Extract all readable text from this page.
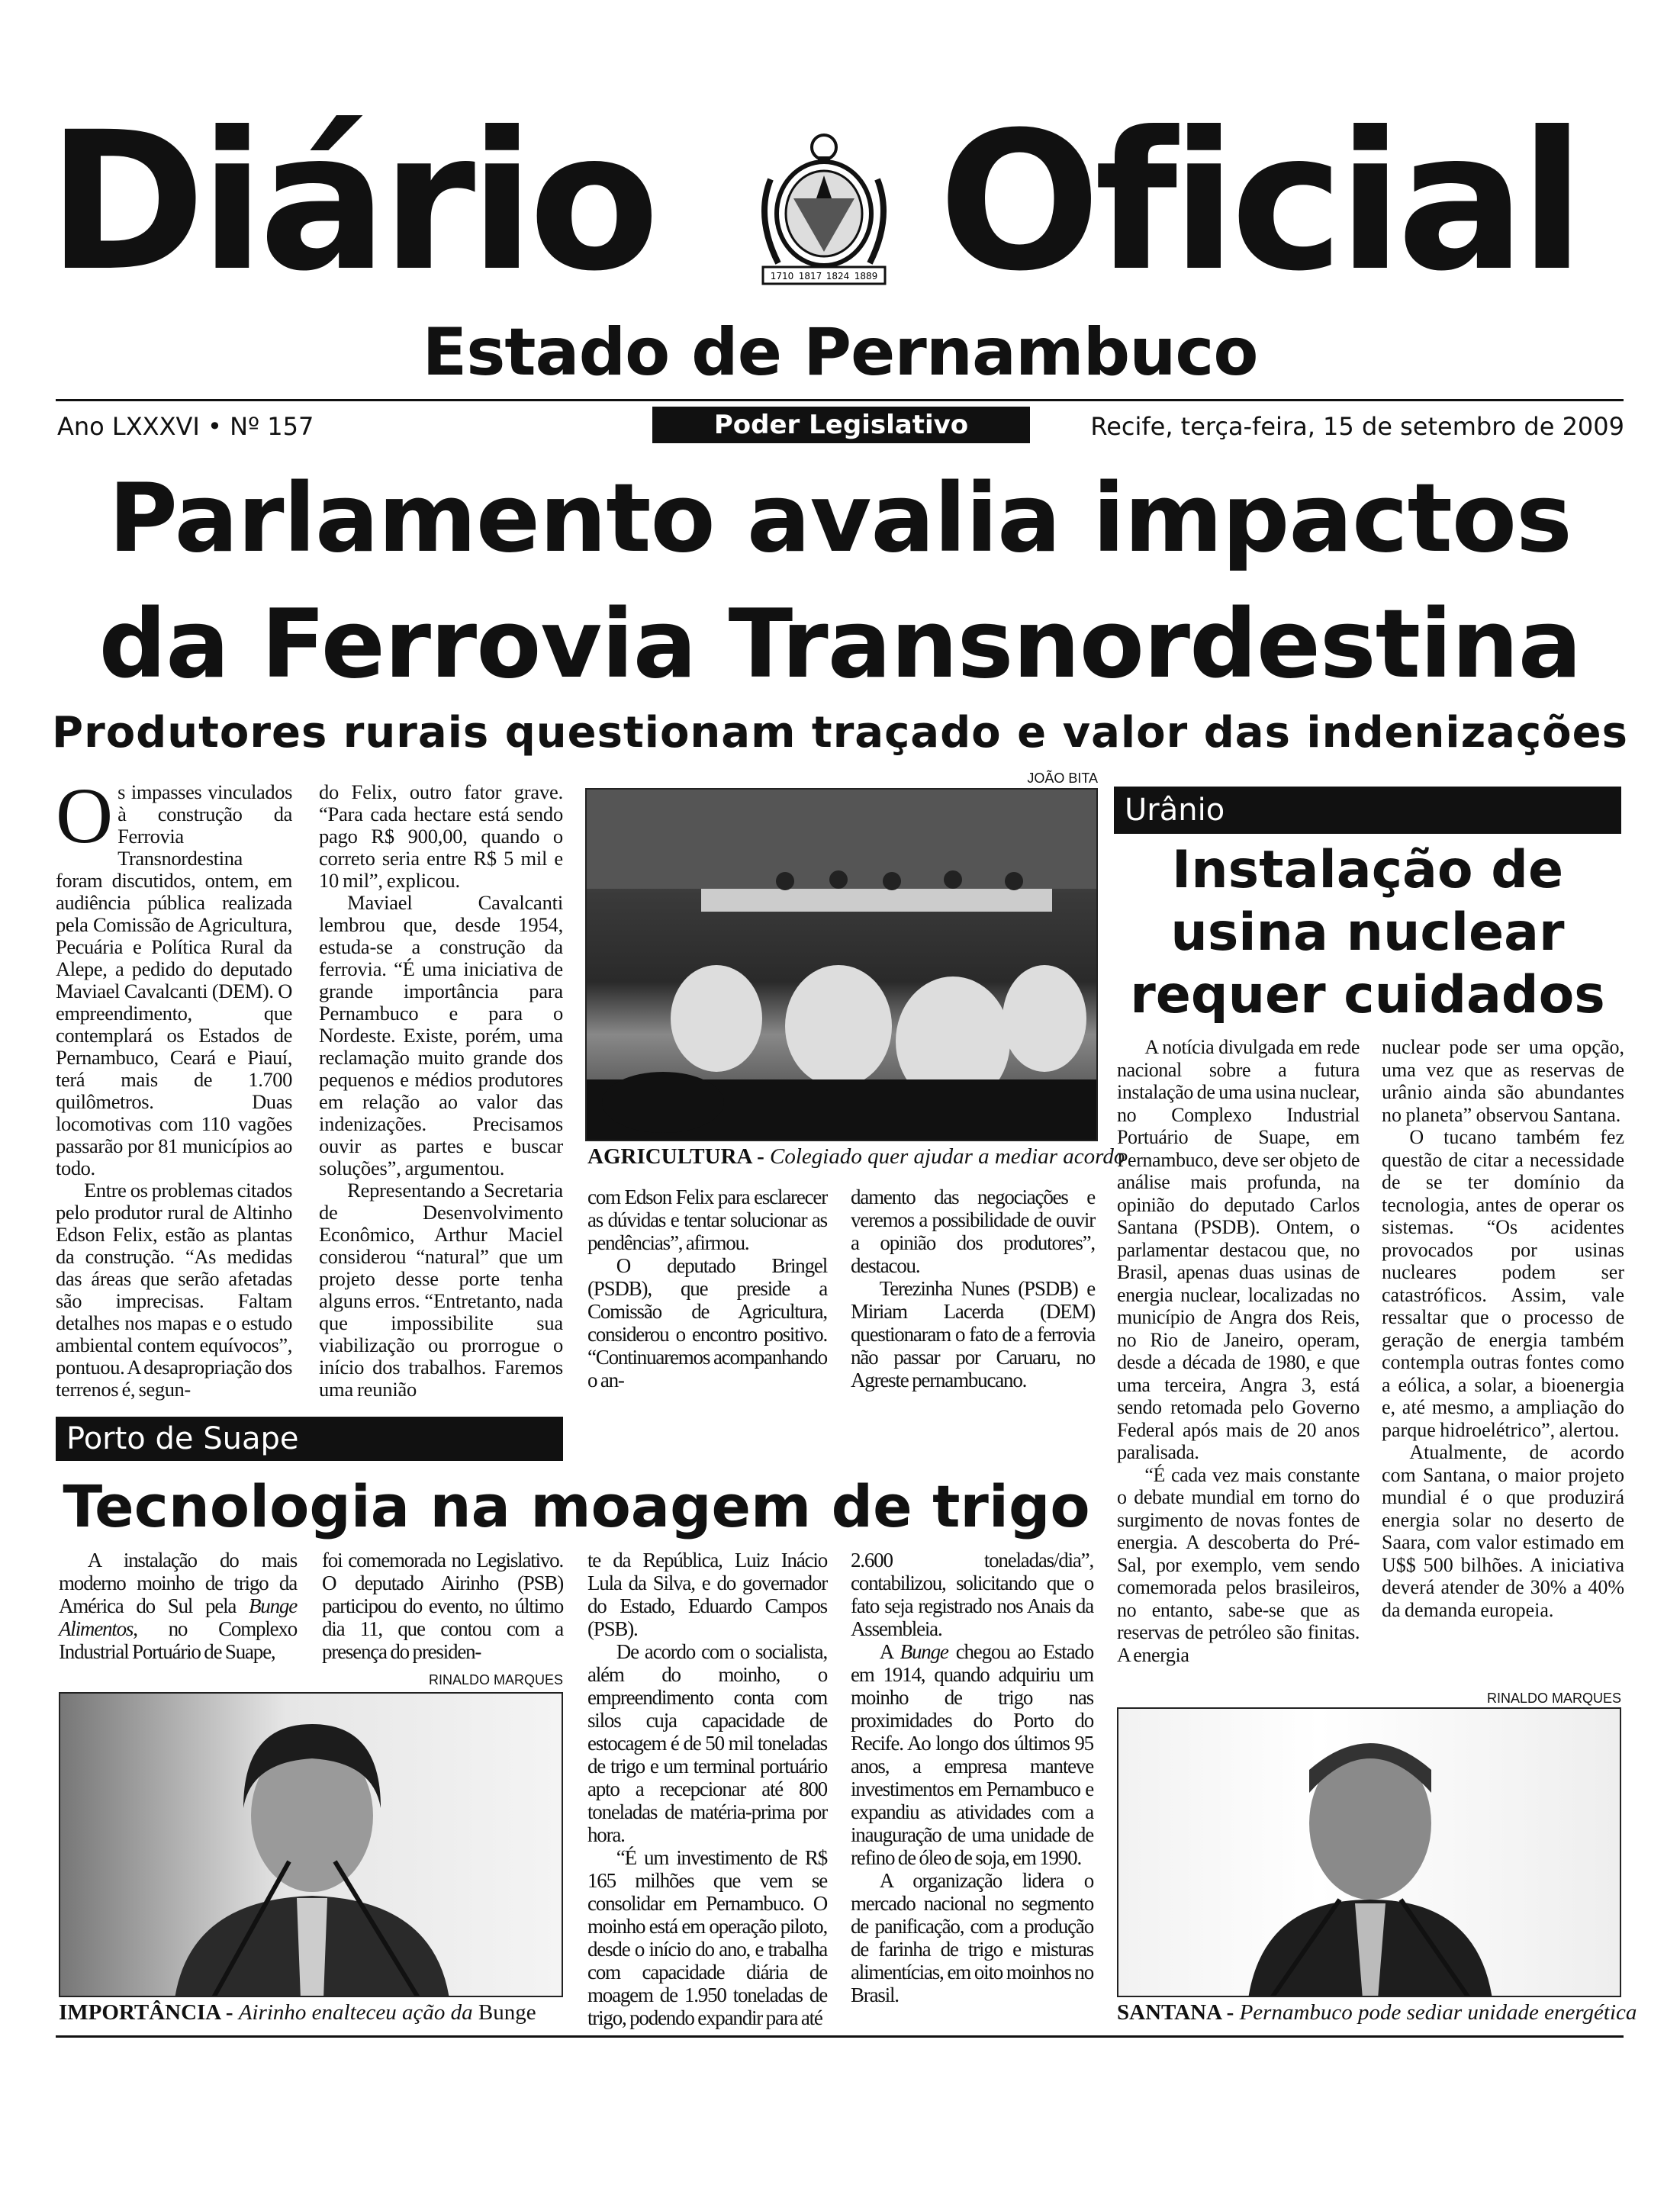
Diário Oficial
1710 1817 1824 1889
Estado de Pernambuco
Ano LXXXVI • Nº 157	Poder Legislativo	Recife, terça-feira, 15 de setembro de 2009
Parlamento avalia impactos
da Ferrovia Transnordestina
Produtores rurais questionam traçado e valor das indenizações
O s impasses vinculados à construção da Ferrovia Transnordestina foram discutidos, ontem, em audiência pública realizada pela Comissão de Agricultura, Pecuária e Política Rural da Alepe, a pedido do deputado Maviael Cavalcanti (DEM). O empreendimento, que contemplará os Estados de Pernambuco, Ceará e Piauí, terá mais de 1.700 quilômetros. Duas locomotivas com 110 vagões passarão por 81 municípios ao todo.

Entre os problemas citados pelo produtor rural de Altinho Edson Felix, estão as plantas da construção. “As medidas das áreas que serão afetadas são imprecisas. Faltam detalhes nos mapas e o estudo ambiental contem equívocos”, pontuou. A desapropriação dos terrenos é, segun-

do Felix, outro fator grave. “Para cada hectare está sendo pago R$ 900,00, quando o correto seria entre R$ 5 mil e 10 mil”, explicou.

Maviael Cavalcanti lembrou que, desde 1954, estuda-se a construção da ferrovia. “É uma iniciativa de grande importância para Pernambuco e para o Nordeste. Existe, porém, uma reclamação muito grande dos pequenos e médios produtores em relação ao valor das indenizações. Precisamos ouvir as partes e buscar soluções”, argumentou.

Representando a Secretaria de Desenvolvimento Econômico, Arthur Maciel considerou “natural” que um projeto desse porte tenha alguns erros. “Entretanto, nada que impossibilite sua viabilização ou prorrogue o início dos trabalhos. Faremos uma reunião

JOÃO BITA
AGRICULTURA - Colegiado quer ajudar a mediar acordo

com Edson Felix para esclarecer as dúvidas e tentar solucionar as pendências”, afirmou.

O deputado Bringel (PSDB), que preside a Comissão de Agricultura, considerou o encontro positivo. “Continuaremos acompanhando o an-

damento das negociações e veremos a possibilidade de ouvir a opinião dos produtores”, destacou.

Terezinha Nunes (PSDB) e Miriam Lacerda (DEM) questionaram o fato de a ferrovia não passar por Caruaru, no Agreste pernambucano.

Urânio
Instalação de
usina nuclear
requer cuidados

A notícia divulgada em rede nacional sobre a futura instalação de uma usina nuclear, no Complexo Industrial Portuário de Suape, em Pernambuco, deve ser objeto de análise mais profunda, na opinião do deputado Carlos Santana (PSDB). Ontem, o parlamentar destacou que, no Brasil, apenas duas usinas de energia nuclear, localizadas no município de Angra dos Reis, no Rio de Janeiro, operam, desde a década de 1980, e que uma terceira, Angra 3, está sendo retomada pelo Governo Federal após mais de 20 anos paralisada.

“É cada vez mais constante o debate mundial em torno do surgimento de novas fontes de energia. A descoberta do Pré-Sal, por exemplo, vem sendo comemorada pelos brasileiros, no entanto, sabe-se que as reservas de petróleo são finitas. A energia

nuclear pode ser uma opção, uma vez que as reservas de urânio ainda são abundantes no planeta” observou Santana.

O tucano também fez questão de citar a necessidade de se ter domínio da tecnologia, antes de operar os sistemas. “Os acidentes provocados por usinas nucleares podem ser catastróficos. Assim, vale ressaltar que o processo de geração de energia também contempla outras fontes como a eólica, a solar, a bioenergia e, até mesmo, a ampliação do parque hidroelétrico”, alertou.

Atualmente, de acordo com Santana, o maior projeto mundial é o que produzirá energia solar no deserto de Saara, com valor estimado em U$$ 500 bilhões. A iniciativa deverá atender de 30% a 40% da demanda europeia.

RINALDO MARQUES
SANTANA - Pernambuco pode sediar unidade energética
Porto de Suape
Tecnologia na moagem de trigo

A instalação do mais moderno moinho de trigo da América do Sul pela Bunge Alimentos, no Complexo Industrial Portuário de Suape,

foi comemorada no Legislativo. O deputado Airinho (PSB) participou do evento, no último dia 11, que contou com a presença do presiden-

te da República, Luiz Inácio Lula da Silva, e do governador do Estado, Eduardo Campos (PSB).

De acordo com o socialista, além do moinho, o empreendimento conta com silos cuja capacidade de estocagem é de 50 mil toneladas de trigo e um terminal portuário apto a recepcionar até 800 toneladas de matéria-prima por hora.

“É um investimento de R$ 165 milhões que vem se consolidar em Pernambuco. O moinho está em operação piloto, desde o início do ano, e trabalha com capacidade diária de moagem de 1.950 toneladas de trigo, podendo expandir para até

2.600 toneladas/dia”, contabilizou, solicitando que o fato seja registrado nos Anais da Assembleia.

A Bunge chegou ao Estado em 1914, quando adquiriu um moinho de trigo nas proximidades do Porto do Recife. Ao longo dos últimos 95 anos, a empresa manteve investimentos em Pernambuco e expandiu as atividades com a inauguração de uma unidade de refino de óleo de soja, em 1990.

A organização lidera o mercado nacional no segmento de panificação, com a produção de farinha de trigo e misturas alimentícias, em oito moinhos no Brasil.

RINALDO MARQUES
IMPORTÂNCIA - Airinho enalteceu ação da Bunge
